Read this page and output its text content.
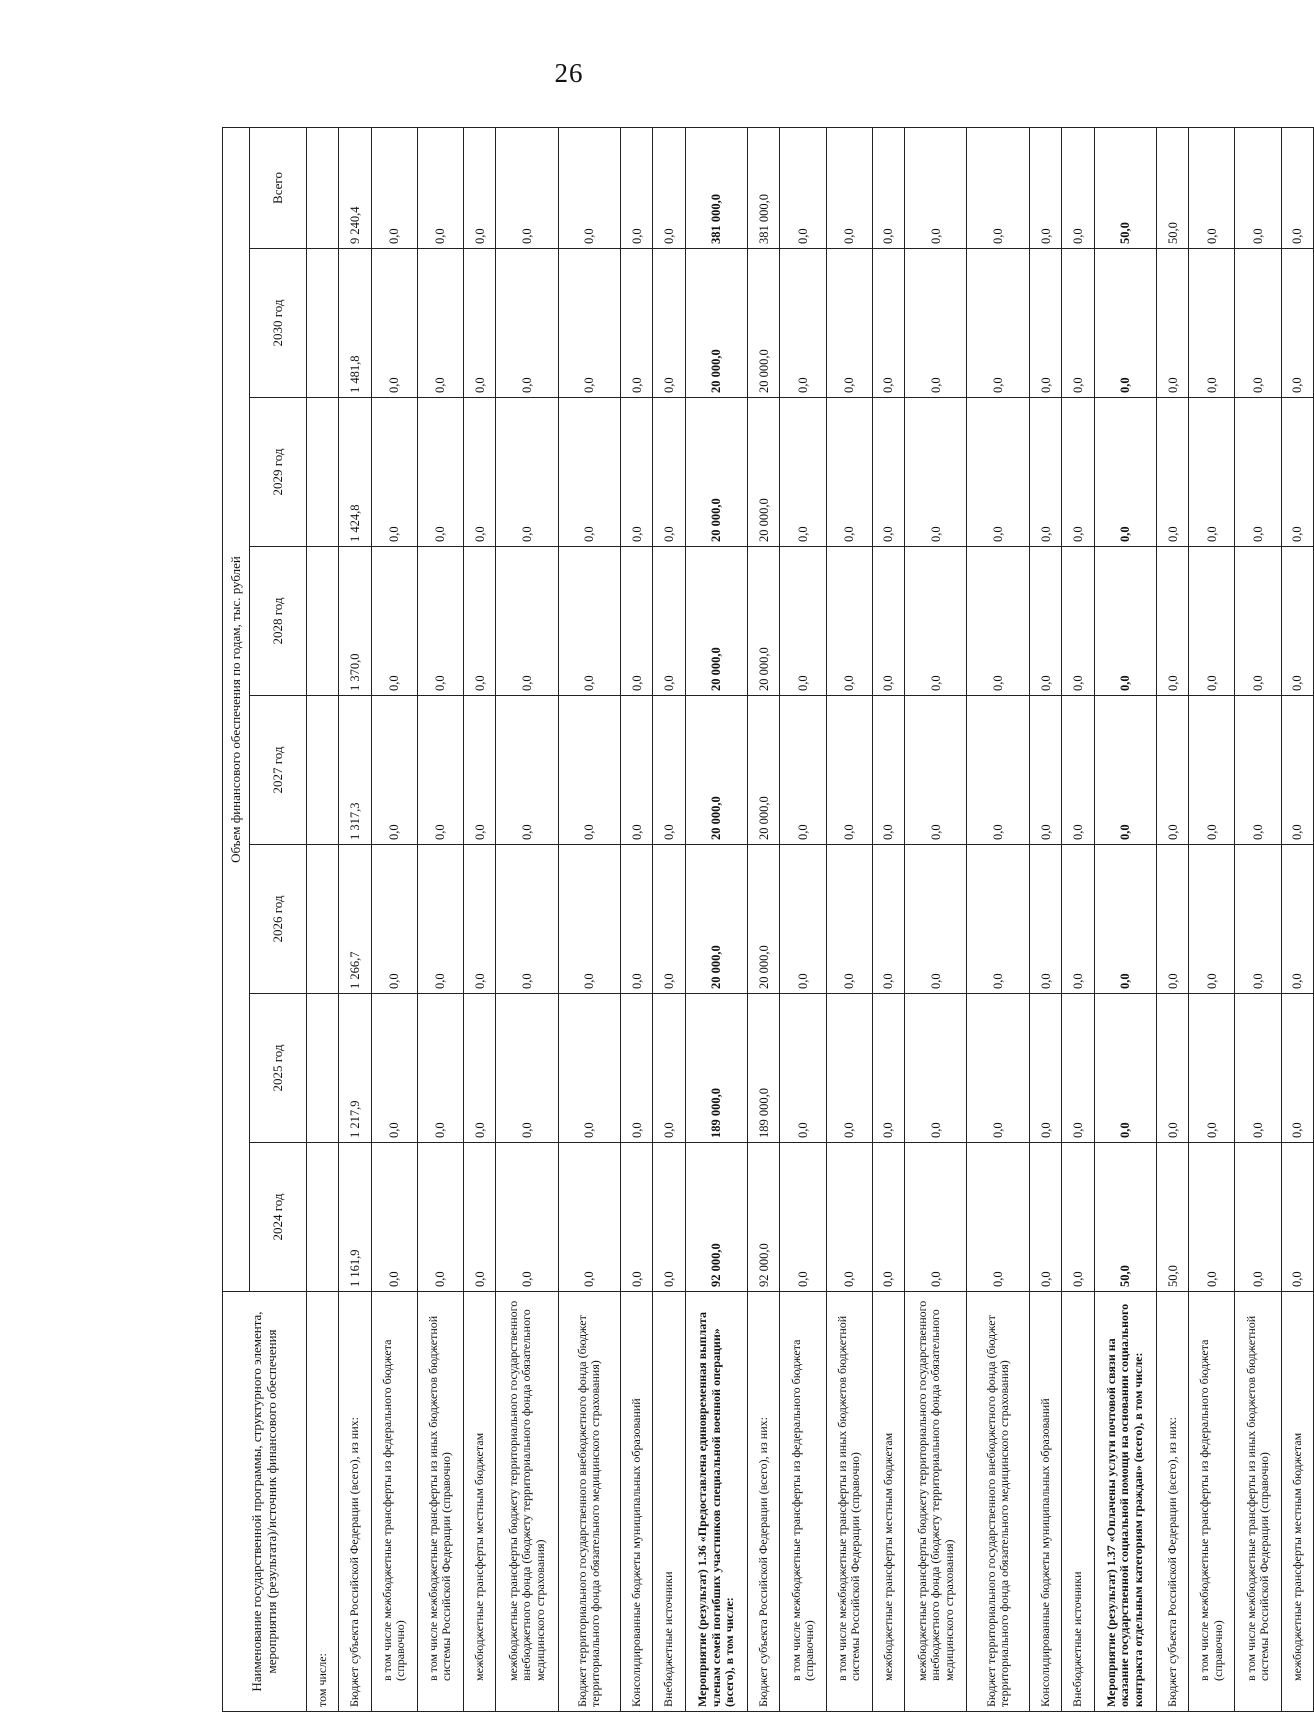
26
Наименование государственной программы, структурного элемента, мероприятия (результата)/источник финансового обеспечения	Объем финансового обеспечения по годам, тыс. рублей							
	2024 год	2025 год	2026 год	2027 год	2028 год	2029 год	2030 год	Всего
том числе:								
Бюджет субъекта Российской Федерации (всего), из них:	1 161,9	1 217,9	1 266,7	1 317,3	1 370,0	1 424,8	1 481,8	9 240,4
в том числе межбюджетные трансферты из федерального бюджета (справочно)	0,0	0,0	0,0	0,0	0,0	0,0	0,0	0,0
в том числе межбюджетные трансферты из иных бюджетов бюджетной системы Российской Федерации (справочно)	0,0	0,0	0,0	0,0	0,0	0,0	0,0	0,0
межбюджетные трансферты местным бюджетам	0,0	0,0	0,0	0,0	0,0	0,0	0,0	0,0
межбюджетные трансферты бюджету территориального государственного внебюджетного фонда (бюджету территориального фонда обязательного медицинского страхования)	0,0	0,0	0,0	0,0	0,0	0,0	0,0	0,0
Бюджет территориального государственного внебюджетного фонда (бюджет территориального фонда обязательного медицинского страхования)	0,0	0,0	0,0	0,0	0,0	0,0	0,0	0,0
Консолидированные бюджеты муниципальных образований	0,0	0,0	0,0	0,0	0,0	0,0	0,0	0,0
Внебюджетные источники	0,0	0,0	0,0	0,0	0,0	0,0	0,0	0,0
Мероприятие (результат) 1.36 «Предоставлена единовременная выплата членам семей погибших участников специальной военной операции» (всего), в том числе:	92 000,0	189 000,0	20 000,0	20 000,0	20 000,0	20 000,0	20 000,0	381 000,0
Бюджет субъекта Российской Федерации (всего), из них:	92 000,0	189 000,0	20 000,0	20 000,0	20 000,0	20 000,0	20 000,0	381 000,0
в том числе межбюджетные трансферты из федерального бюджета (справочно)	0,0	0,0	0,0	0,0	0,0	0,0	0,0	0,0
в том числе межбюджетные трансферты из иных бюджетов бюджетной системы Российской Федерации (справочно)	0,0	0,0	0,0	0,0	0,0	0,0	0,0	0,0
межбюджетные трансферты местным бюджетам	0,0	0,0	0,0	0,0	0,0	0,0	0,0	0,0
межбюджетные трансферты бюджету территориального государственного внебюджетного фонда (бюджету территориального фонда обязательного медицинского страхования)	0,0	0,0	0,0	0,0	0,0	0,0	0,0	0,0
Бюджет территориального государственного внебюджетного фонда (бюджет территориального фонда обязательного медицинского страхования)	0,0	0,0	0,0	0,0	0,0	0,0	0,0	0,0
Консолидированные бюджеты муниципальных образований	0,0	0,0	0,0	0,0	0,0	0,0	0,0	0,0
Внебюджетные источники	0,0	0,0	0,0	0,0	0,0	0,0	0,0	0,0
Мероприятие (результат) 1.37 «Оплачены услуги почтовой связи на оказание государственной социальной помощи на основании социального контракта отдельным категориям граждан» (всего), в том числе:	50,0	0,0	0,0	0,0	0,0	0,0	0,0	50,0
Бюджет субъекта Российской Федерации (всего), из них:	50,0	0,0	0,0	0,0	0,0	0,0	0,0	50,0
в том числе межбюджетные трансферты из федерального бюджета (справочно)	0,0	0,0	0,0	0,0	0,0	0,0	0,0	0,0
в том числе межбюджетные трансферты из иных бюджетов бюджетной системы Российской Федерации (справочно)	0,0	0,0	0,0	0,0	0,0	0,0	0,0	0,0
межбюджетные трансферты местным бюджетам	0,0	0,0	0,0	0,0	0,0	0,0	0,0	0,0
